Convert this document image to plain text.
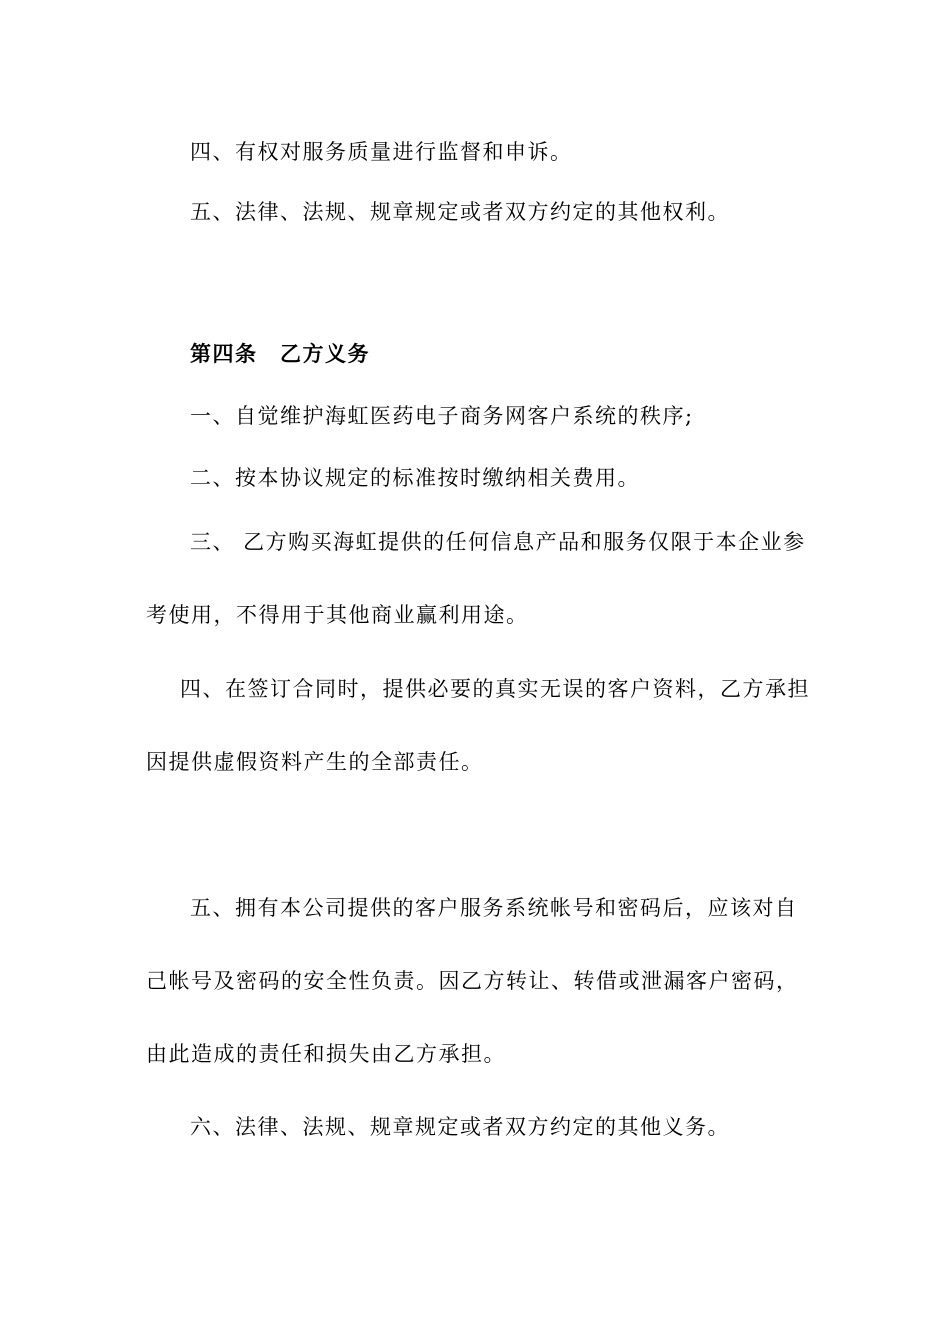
四、有权对服务质量进行监督和申诉。
五、法律、法规、规章规定或者双方约定的其他权利。
第四条　乙方义务
一、自觉维护海虹医药电子商务网客户系统的秩序;
二、按本协议规定的标准按时缴纳相关费用。
三、 乙方购买海虹提供的任何信息产品和服务仅限于本企业参
考使用，不得用于其他商业赢利用途。
四、在签订合同时，提供必要的真实无误的客户资料，乙方承担
因提供虚假资料产生的全部责任。
五、拥有本公司提供的客户服务系统帐号和密码后，应该对自
己帐号及密码的安全性负责。因乙方转让、转借或泄漏客户密码，
由此造成的责任和损失由乙方承担。
六、法律、法规、规章规定或者双方约定的其他义务。
